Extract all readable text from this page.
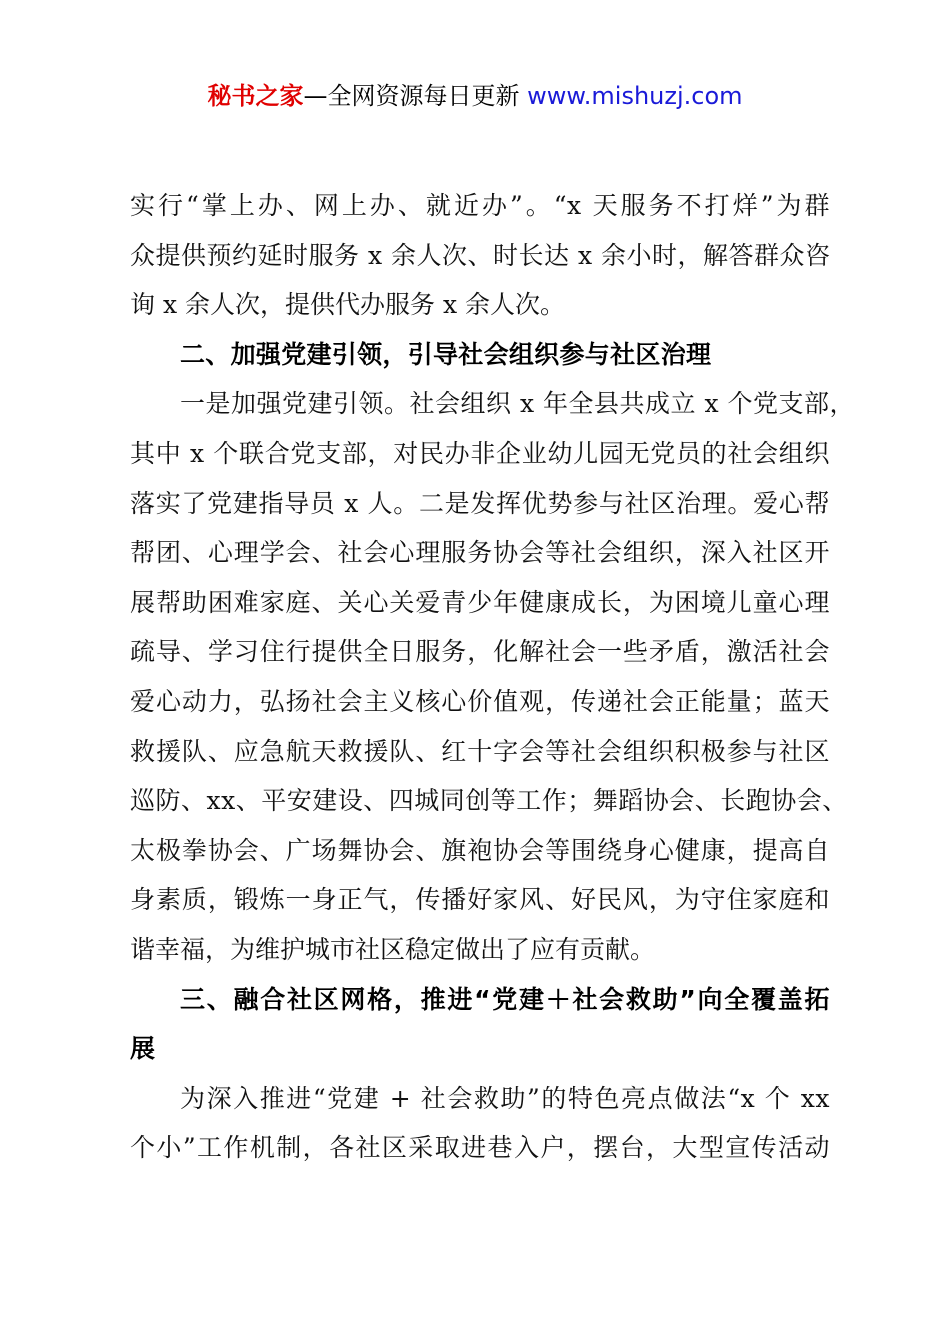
秘书之家—全网资源每日更新 www.mishuzj.com
实行“掌上办、网上办、就近办”。“x 天服务不打烊”为群
众提供预约延时服务 x 余人次、时长达 x 余小时，解答群众咨
询 x 余人次，提供代办服务 x 余人次。
二、加强党建引领，引导社会组织参与社区治理
一是加强党建引领。社会组织 x 年全县共成立 x 个党支部，
其中 x 个联合党支部，对民办非企业幼儿园无党员的社会组织
落实了党建指导员 x 人。二是发挥优势参与社区治理。爱心帮
帮团、心理学会、社会心理服务协会等社会组织，深入社区开
展帮助困难家庭、关心关爱青少年健康成长，为困境儿童心理
疏导、学习住行提供全日服务，化解社会一些矛盾，激活社会
爱心动力，弘扬社会主义核心价值观，传递社会正能量；蓝天
救援队、应急航天救援队、红十字会等社会组织积极参与社区
巡防、xx、平安建设、四城同创等工作；舞蹈协会、长跑协会、
太极拳协会、广场舞协会、旗袍协会等围绕身心健康，提高自
身素质，锻炼一身正气，传播好家风、好民风，为守住家庭和
谐幸福，为维护城市社区稳定做出了应有贡献。
三、融合社区网格，推进“党建＋社会救助”向全覆盖拓
展
为深入推进“党建 + 社会救助”的特色亮点做法“x 个 xx
个小”工作机制，各社区采取进巷入户，摆台，大型宣传活动
